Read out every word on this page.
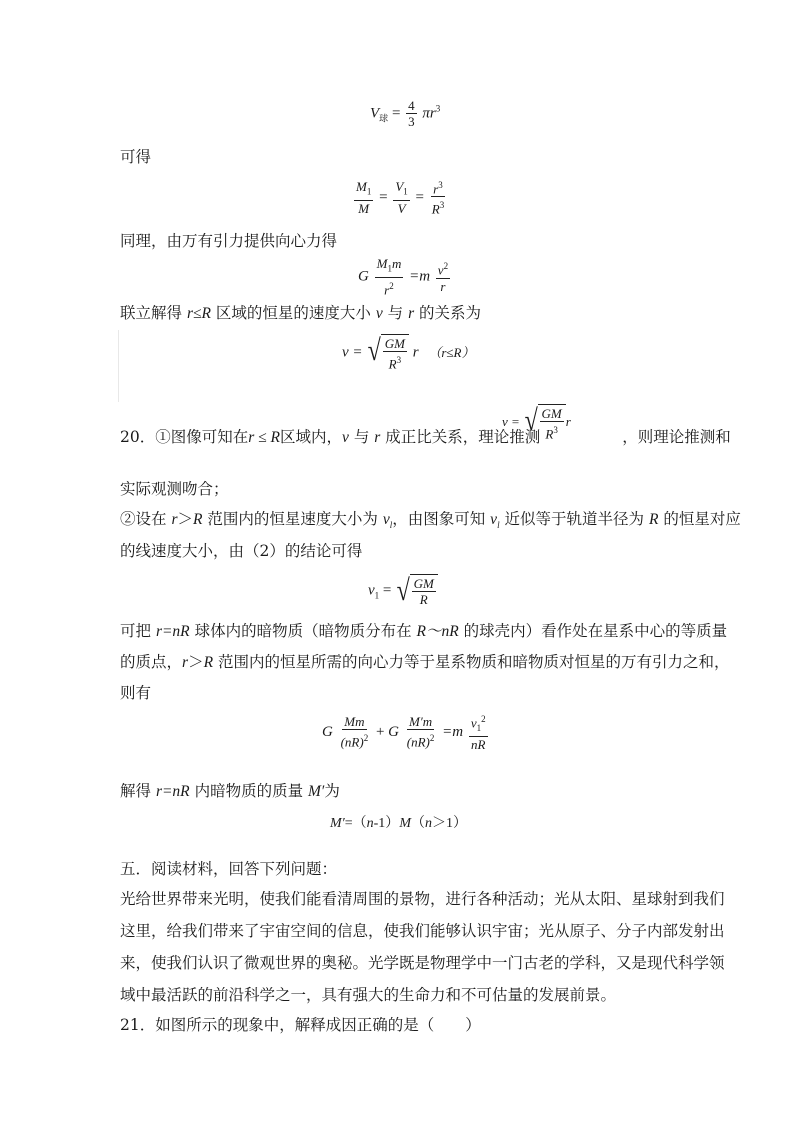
$V_球 = \frac{4}{3} \pi r^3$
可得
$\frac{M_1}{M} = \frac{V_1}{V} = \frac{r^3}{R^3}$
同理，由万有引力提供向心力得
G $\frac{M_1m}{r^2} =m \frac{v^2}{r}$
联立解得 r≤R 区域的恒星的速度大小 v 与 r 的关系为
v = √ $\frac{GM}{R^3}$ r （r≤R）
20．①图像可知在r ≤ R区域内，v 与 r 成正比关系，理论推测	，则理论推测和
v = √ $\frac{GM}{R^3}$ r
实际观测吻合；
②设在 r＞R 范围内的恒星速度大小为 $v_l$，由图象可知 $v_l$ 近似等于轨道半径为 R 的恒星对应
的线速度大小，由（2）的结论可得
$v_1$ = √ $\frac{GM}{R}$
可把 r=nR 球体内的暗物质（暗物质分布在 R～nR 的球壳内）看作处在星系中心的等质量
的质点，r＞R 范围内的恒星所需的向心力等于星系物质和暗物质对恒星的万有引力之和，
则有
G $\frac{Mm}{(nR)^2} + G \frac{M'm}{(nR)^2} =m \frac{v_1^2}{nR}$
解得 r=nR 内暗物质的质量 M′为
M′=（n-1）M（n＞1）
五．阅读材料，回答下列问题：
光给世界带来光明，使我们能看清周围的景物，进行各种活动；光从太阳、星球射到我们
这里，给我们带来了宇宙空间的信息，使我们能够认识宇宙；光从原子、分子内部发射出
来，使我们认识了微观世界的奥秘。光学既是物理学中一门古老的学科，又是现代科学领
域中最活跃的前沿科学之一，具有强大的生命力和不可估量的发展前景。
21．如图所示的现象中，解释成因正确的是（　　）
